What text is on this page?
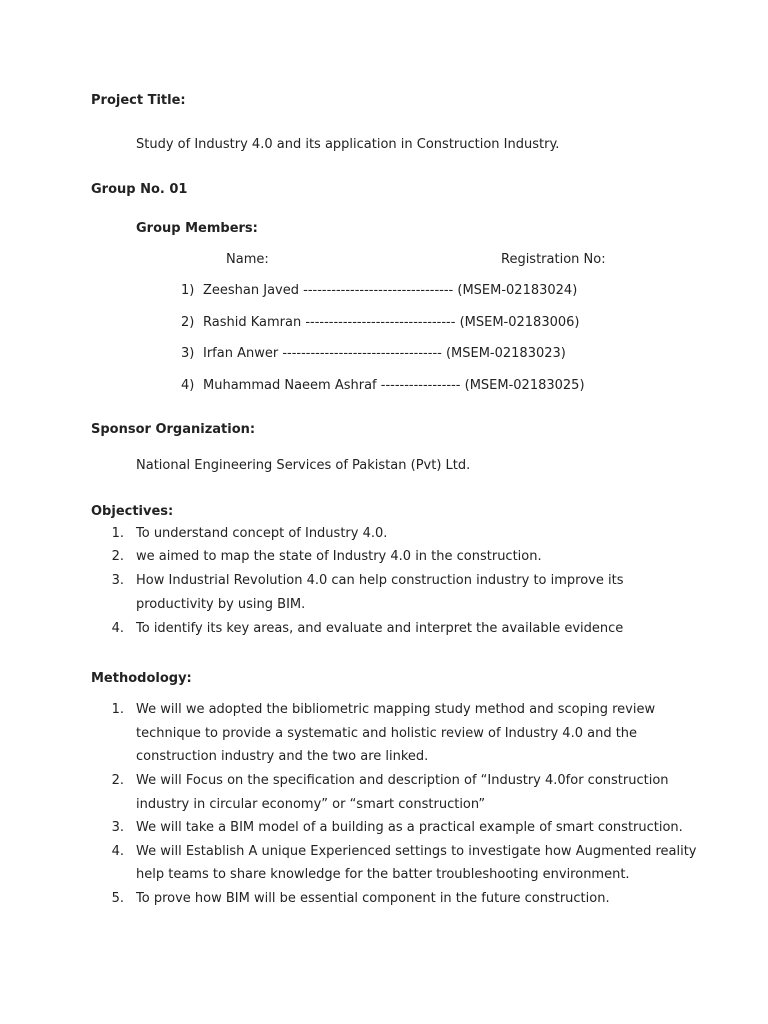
Project Title:
Study of Industry 4.0 and its application in Construction Industry.
Group No. 01
Group Members:
Name:	Registration No:
1) Zeeshan Javed -------------------------------- (MSEM-02183024)
2) Rashid Kamran -------------------------------- (MSEM-02183006)
3) Irfan Anwer ---------------------------------- (MSEM-02183023)
4) Muhammad Naeem Ashraf ----------------- (MSEM-02183025)
Sponsor Organization:
National Engineering Services of Pakistan (Pvt) Ltd.
Objectives:
1. To understand concept of Industry 4.0.
2. we aimed to map the state of Industry 4.0 in the construction.
3. How Industrial Revolution 4.0 can help construction industry to improve its
productivity by using BIM.
4. To identify its key areas, and evaluate and interpret the available evidence
Methodology:
1. We will we adopted the bibliometric mapping study method and scoping review
technique to provide a systematic and holistic review of Industry 4.0 and the
construction industry and the two are linked.
2. We will Focus on the specification and description of “Industry 4.0for construction
industry in circular economy” or “smart construction”
3. We will take a BIM model of a building as a practical example of smart construction.
4. We will Establish A unique Experienced settings to investigate how Augmented reality
help teams to share knowledge for the batter troubleshooting environment.
5. To prove how BIM will be essential component in the future construction.
